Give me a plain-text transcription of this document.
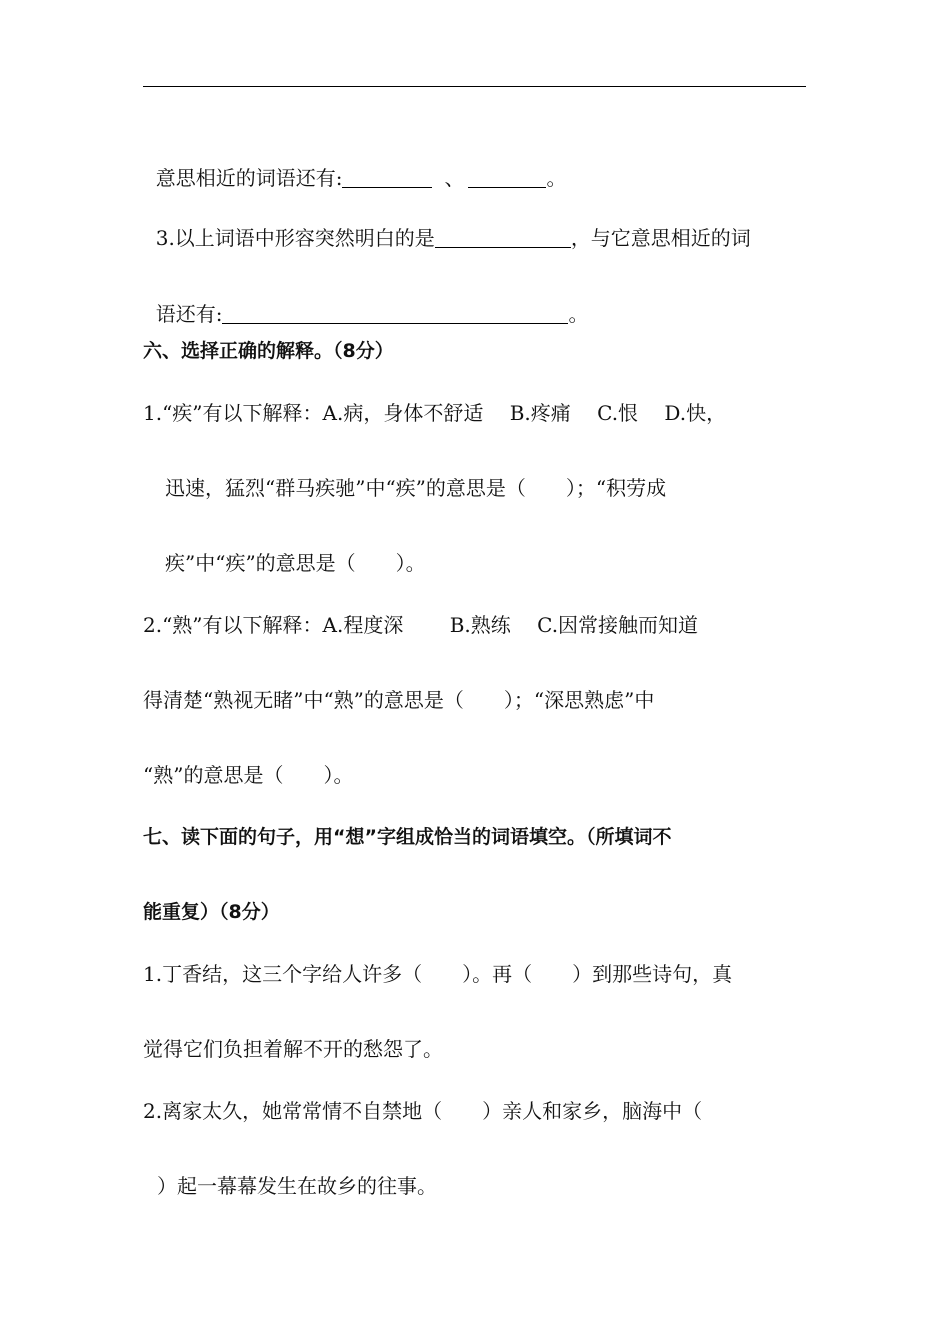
意思相近的词语还有:	、	。

3.以上词语中形容突然明白的是	，与它意思相近的词

语还有:	。

六、选择正确的解释。（8分）
1.“疾”有以下解释：A.病，身体不舒适　 B.疼痛　 C.恨　 D.快，
迅速，猛烈“群马疾驰”中“疾”的意思是（　　）；“积劳成
疾”中“疾”的意思是（　　）。
2.“熟”有以下解释：A.程度深　　 B.熟练　 C.因常接触而知道
得清楚“熟视无睹”中“熟”的意思是（　　）；“深思熟虑”中
“熟”的意思是（　　）。
七、读下面的句子，用“想”字组成恰当的词语填空。（所填词不
能重复）（8分）
1.丁香结，这三个字给人许多（　　）。再（　　）到那些诗句，真
觉得它们负担着解不开的愁怨了。
2.离家太久，她常常情不自禁地（　　）亲人和家乡，脑海中（
）起一幕幕发生在故乡的往事。
